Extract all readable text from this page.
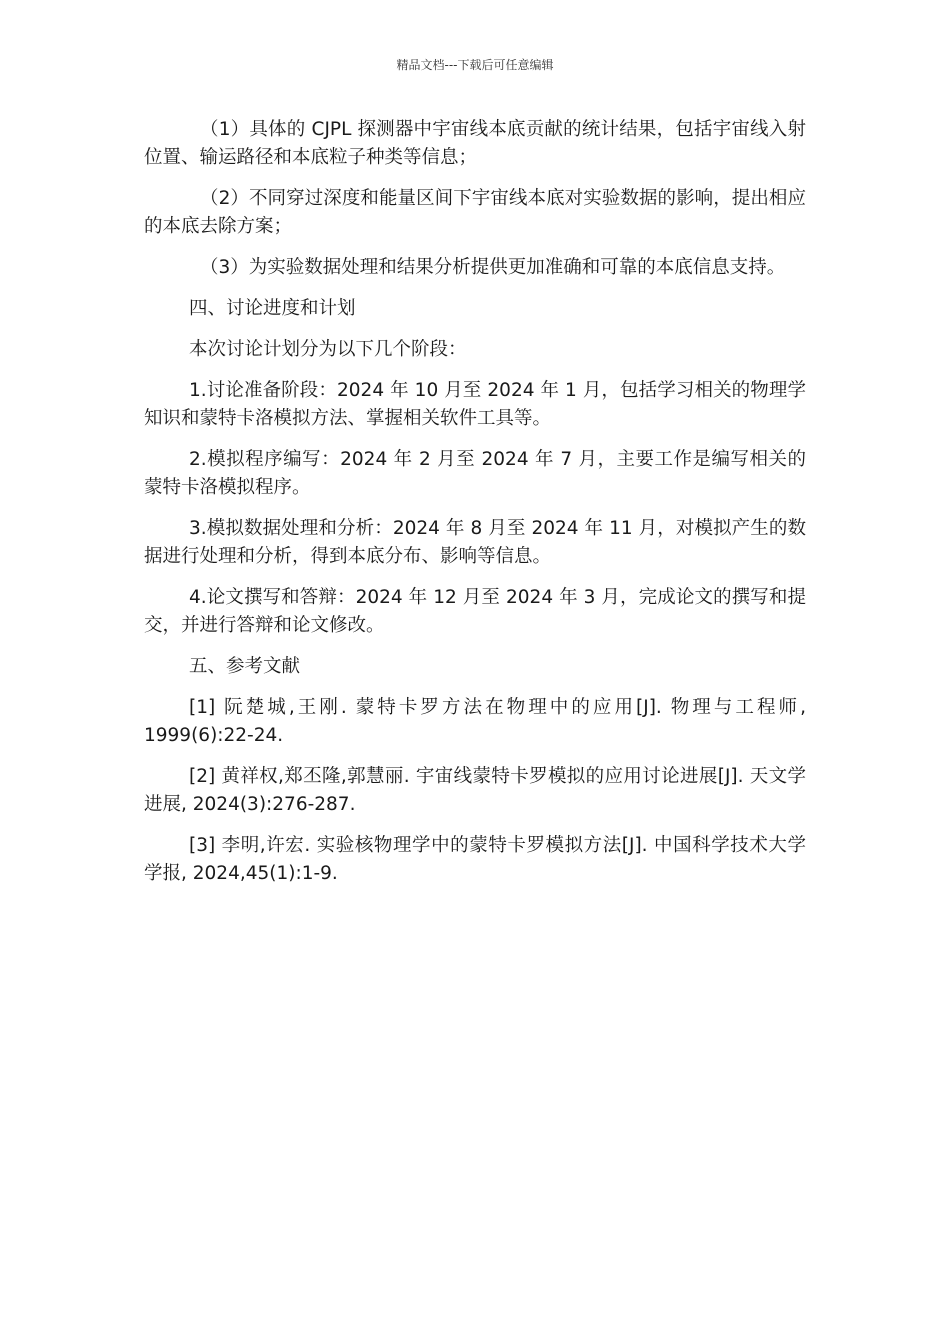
精品文档---下载后可任意编辑

（1）具体的 CJPL 探测器中宇宙线本底贡献的统计结果，包括宇宙线入射位置、输运路径和本底粒子种类等信息；

（2）不同穿过深度和能量区间下宇宙线本底对实验数据的影响，提出相应的本底去除方案；

（3）为实验数据处理和结果分析提供更加准确和可靠的本底信息支持。

四、讨论进度和计划

本次讨论计划分为以下几个阶段：

1.讨论准备阶段：2024 年 10 月至 2024 年 1 月，包括学习相关的物理学知识和蒙特卡洛模拟方法、掌握相关软件工具等。

2.模拟程序编写：2024 年 2 月至 2024 年 7 月，主要工作是编写相关的蒙特卡洛模拟程序。

3.模拟数据处理和分析：2024 年 8 月至 2024 年 11 月，对模拟产生的数据进行处理和分析，得到本底分布、影响等信息。

4.论文撰写和答辩：2024 年 12 月至 2024 年 3 月，完成论文的撰写和提交，并进行答辩和论文修改。

五、参考文献

[1] 阮楚城,王刚. 蒙特卡罗方法在物理中的应用[J]. 物理与工程师, 1999(6):22-24.

[2] 黄祥权,郑丕隆,郭慧丽. 宇宙线蒙特卡罗模拟的应用讨论进展[J]. 天文学进展, 2024(3):276-287.

[3] 李明,许宏. 实验核物理学中的蒙特卡罗模拟方法[J]. 中国科学技术大学学报, 2024,45(1):1-9.
